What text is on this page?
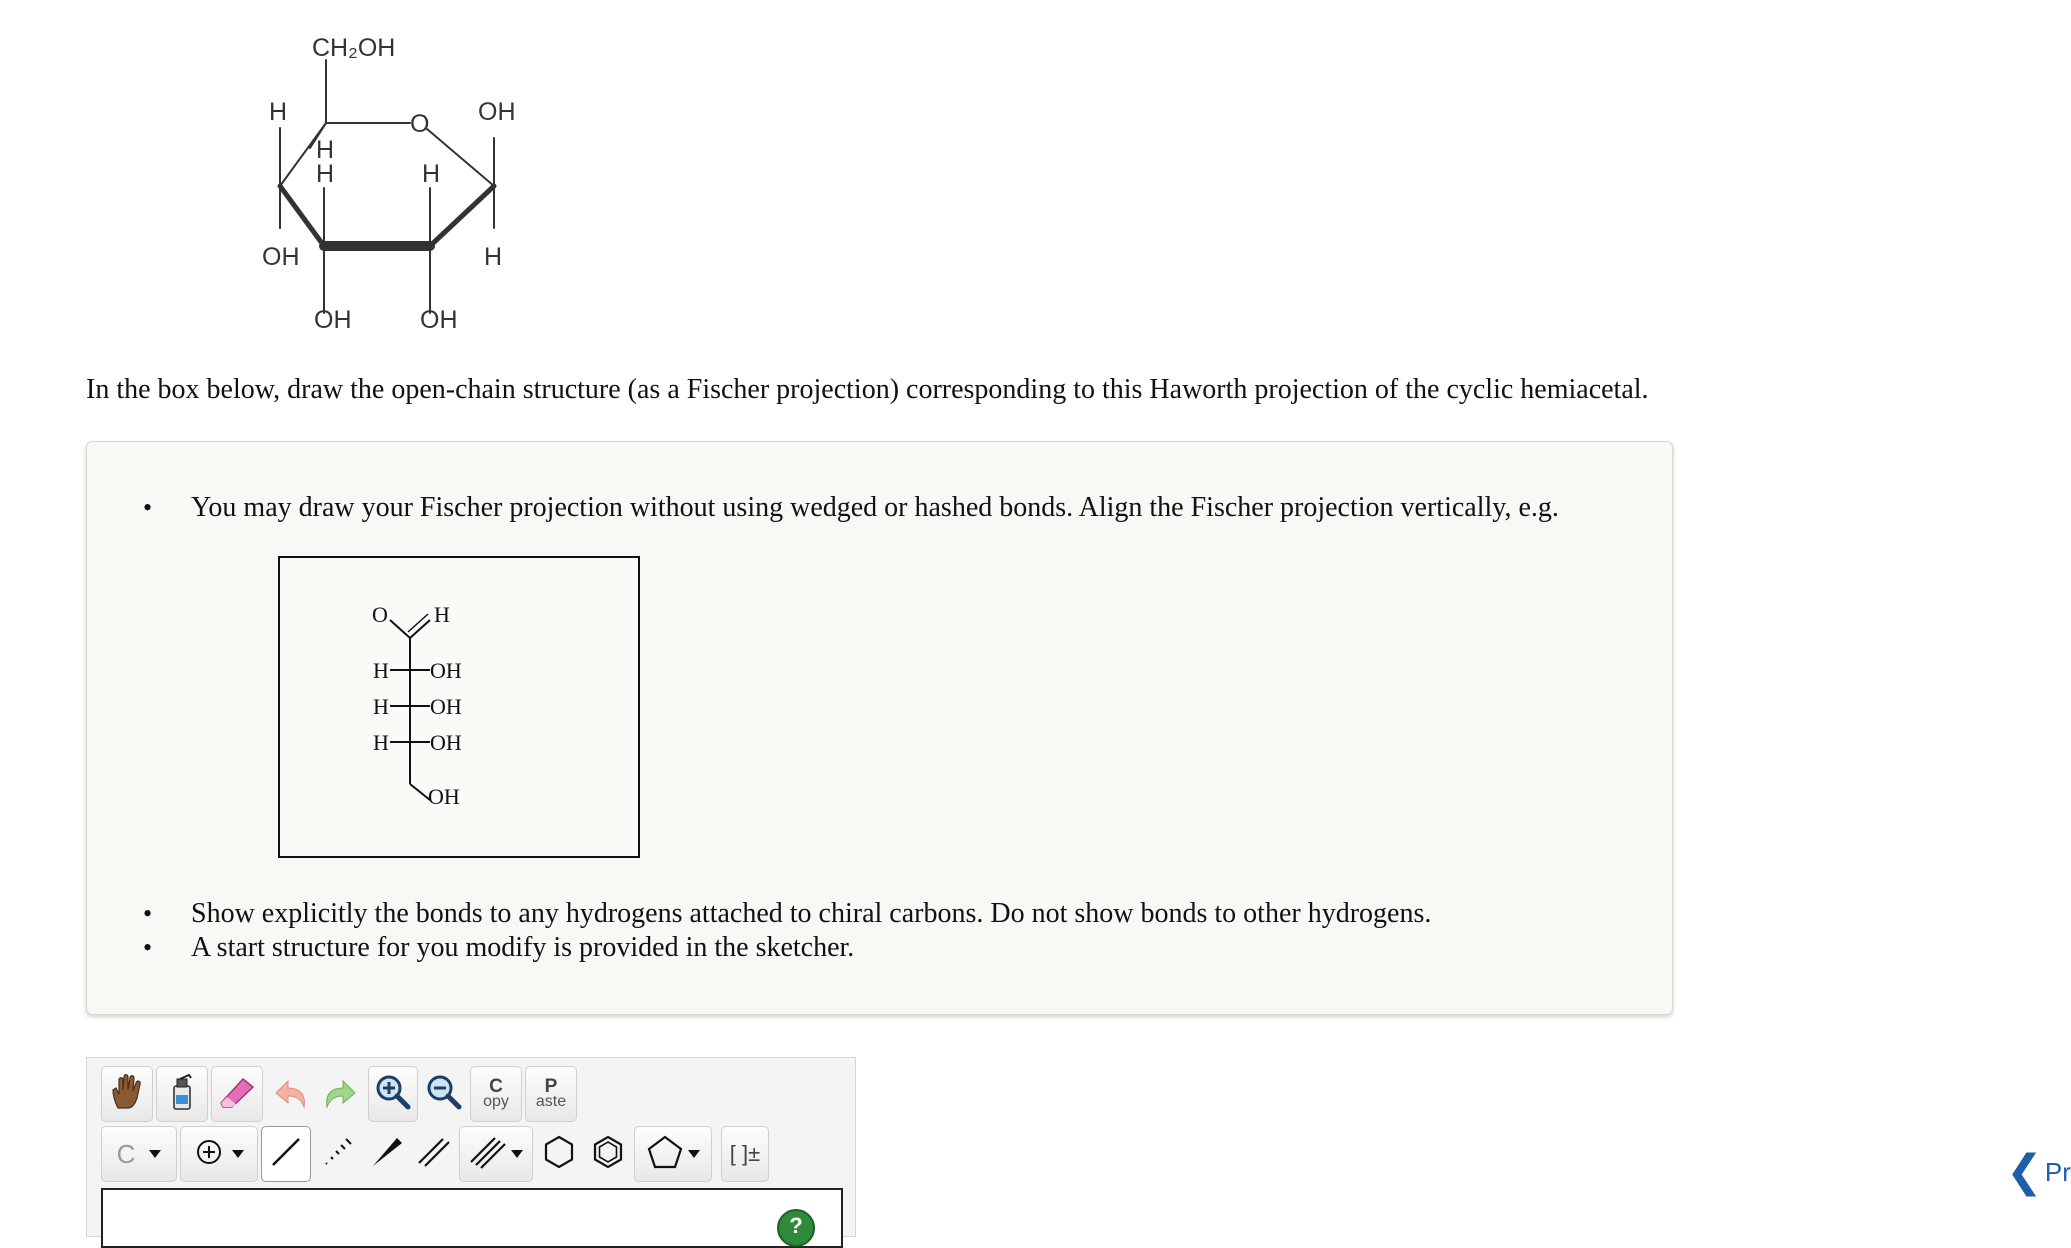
CH₂OH
H	O OH
H
H	H
OH	H
OH	OH
In the box below, draw the open-chain structure (as a Fischer projection) corresponding to this Haworth projection of the cyclic hemiacetal.
•
You may draw your Fischer projection without using wedged or hashed bonds. Align the Fischer projection vertically, e.g.
O H
H OH
H OH
H OH
OH
•
Show explicitly the bonds to any hydrogens attached to chiral carbons. Do not show bonds to other hydrogens.
•
A start structure for you modify is provided in the sketcher.
C
opy
P
aste
C	[ ]±
?
❮ Pr
